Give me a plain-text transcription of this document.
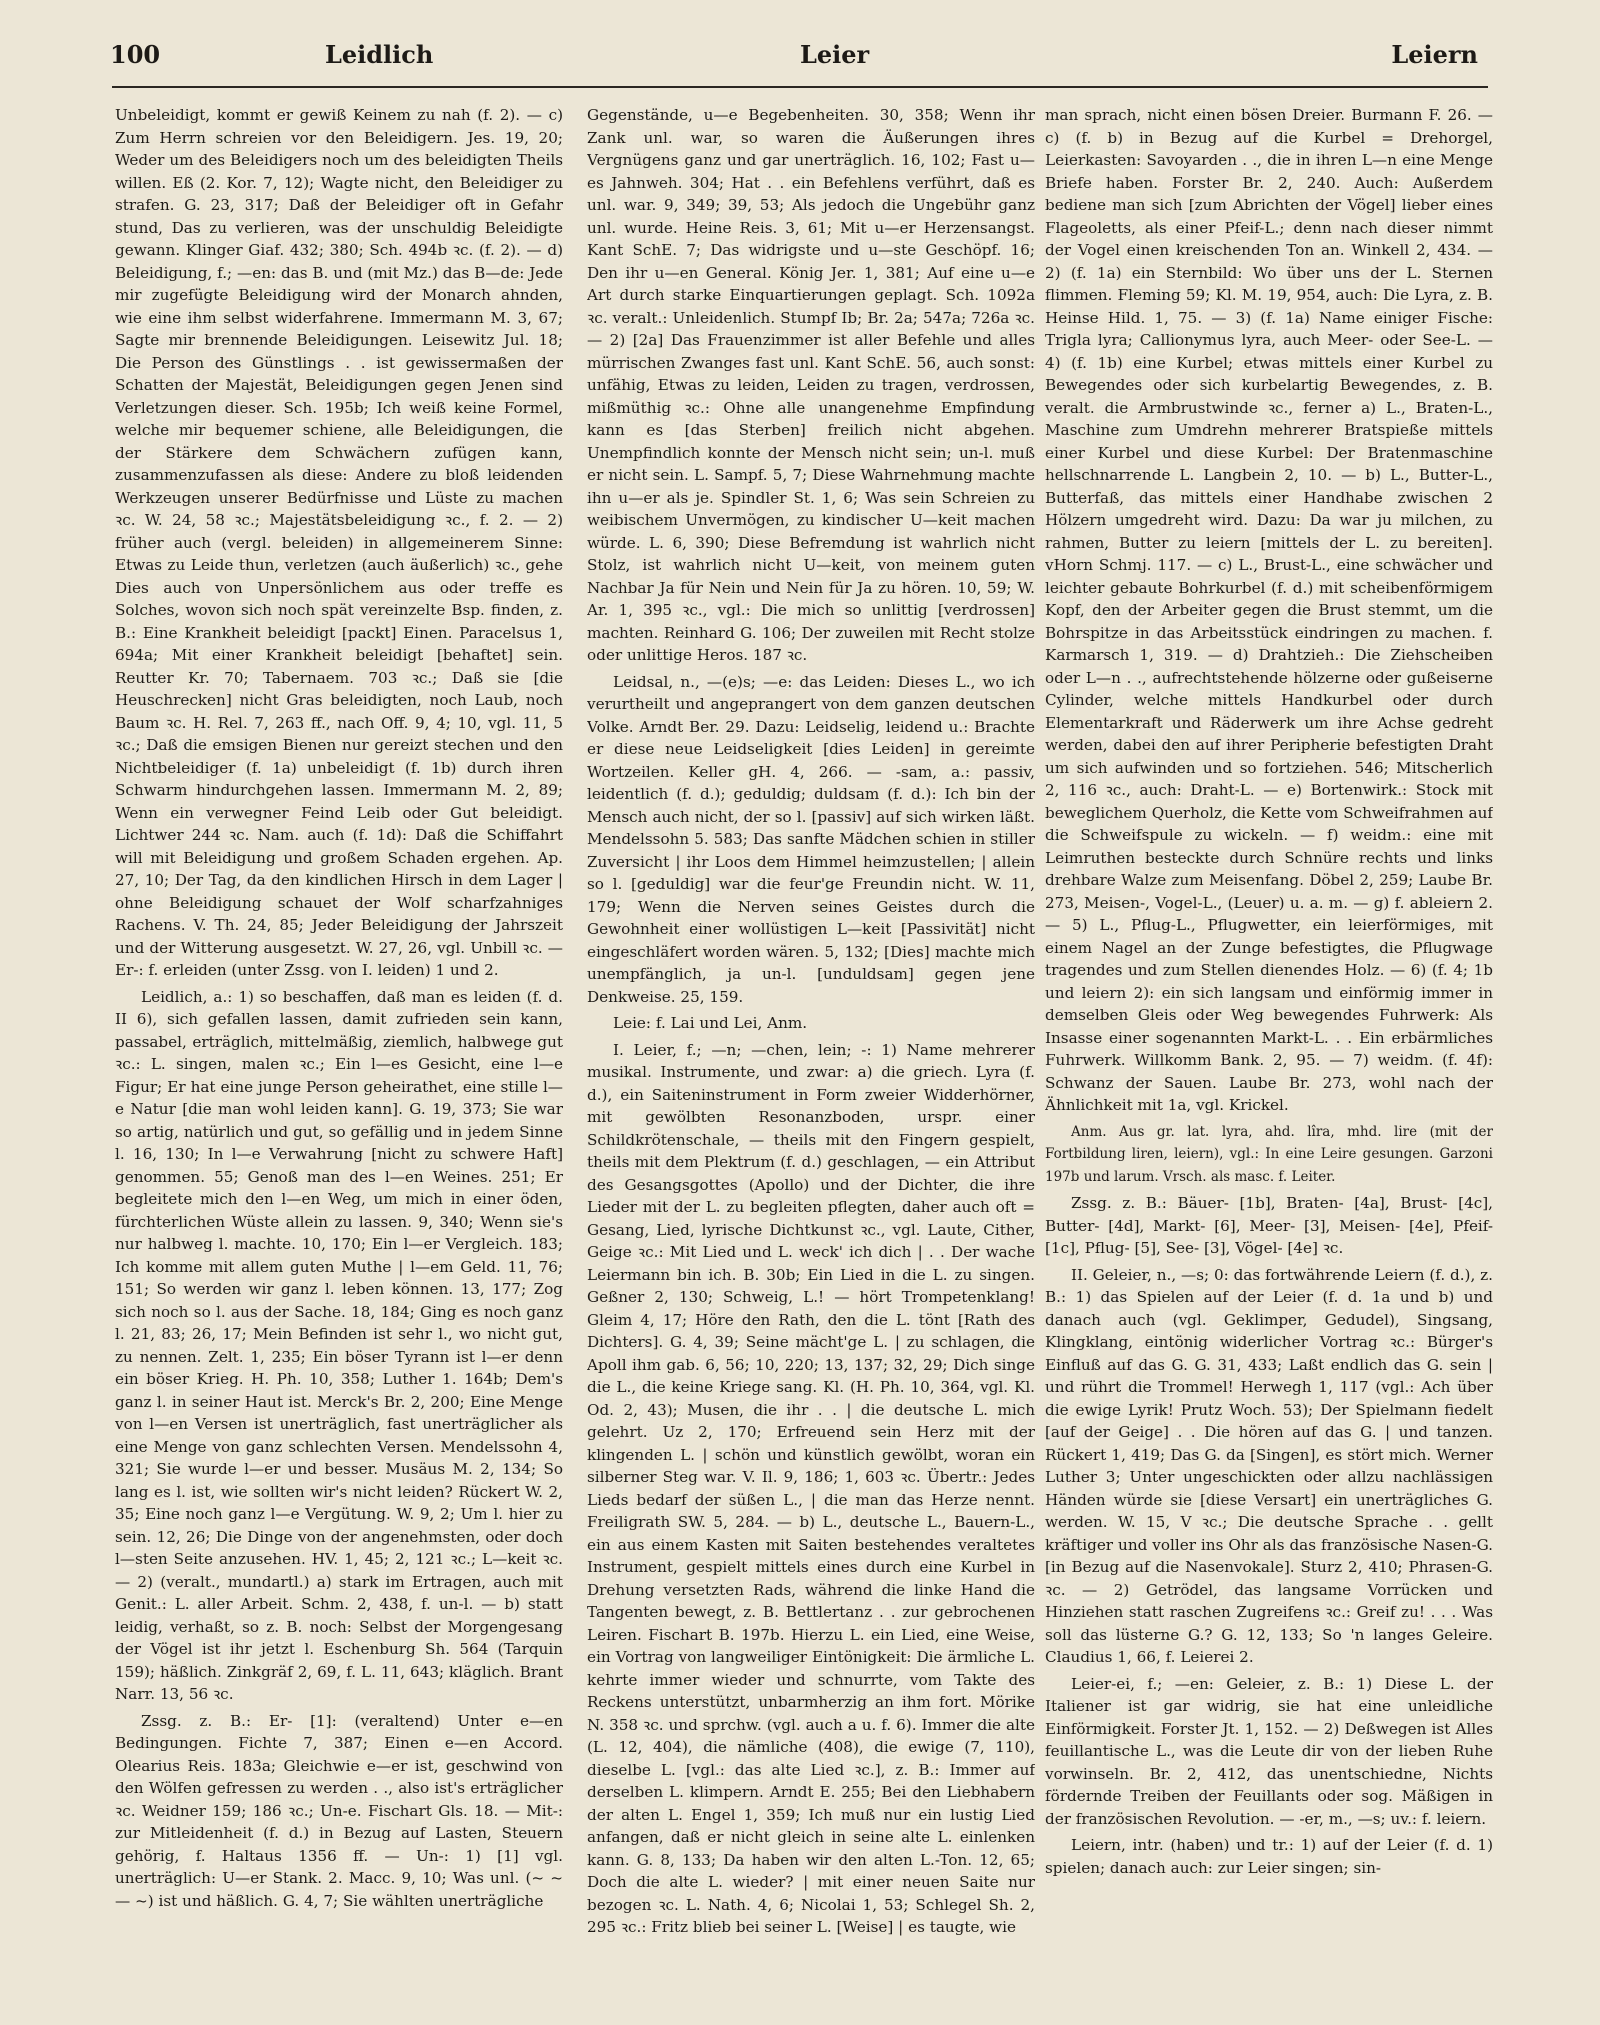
100	Leidlich	Leier	Leiern

Unbeleidigt, kommt er gewiß Keinem zu nah (f. 2). — c) Zum Herrn schreien vor den Beleidigern. Jes. 19, 20; Weder um des Beleidigers noch um des beleidigten Theils willen. Eß (2. Kor. 7, 12); Wagte nicht, den Beleidiger zu strafen. G. 23, 317; Daß der Beleidiger oft in Gefahr stund, Das zu verlieren, was der unschuldig Beleidigte gewann. Klinger Giaf. 432; 380; Sch. 494b ꝛc. (f. 2). — d) Beleidigung, f.; —en: das B. und (mit Mz.) das B—de: Jede mir zugefügte Beleidigung wird der Monarch ahnden, wie eine ihm selbst widerfahrene. Immermann M. 3, 67; Sagte mir brennende Beleidigungen. Leisewitz Jul. 18; Die Person des Günstlings . . ist gewissermaßen der Schatten der Majestät, Beleidigungen gegen Jenen sind Verletzungen dieser. Sch. 195b; Ich weiß keine Formel, welche mir bequemer schiene, alle Beleidigungen, die der Stärkere dem Schwächern zufügen kann, zusammenzufassen als diese: Andere zu bloß leidenden Werkzeugen unserer Bedürfnisse und Lüste zu machen ꝛc. W. 24, 58 ꝛc.; Majestätsbeleidigung ꝛc., f. 2. — 2) früher auch (vergl. beleiden) in allgemeinerem Sinne: Etwas zu Leide thun, verletzen (auch äußerlich) ꝛc., gehe Dies auch von Unpersönlichem aus oder treffe es Solches, wovon sich noch spät vereinzelte Bsp. finden, z. B.: Eine Krankheit beleidigt [packt] Einen. Paracelsus 1, 694a; Mit einer Krankheit beleidigt [behaftet] sein. Reutter Kr. 70; Tabernaem. 703 ꝛc.; Daß sie [die Heuschrecken] nicht Gras beleidigten, noch Laub, noch Baum ꝛc. H. Rel. 7, 263 ff., nach Off. 9, 4; 10, vgl. 11, 5 ꝛc.; Daß die emsigen Bienen nur gereizt stechen und den Nichtbeleidiger (f. 1a) unbeleidigt (f. 1b) durch ihren Schwarm hindurchgehen lassen. Immermann M. 2, 89; Wenn ein verwegner Feind Leib oder Gut beleidigt. Lichtwer 244 ꝛc. Nam. auch (f. 1d): Daß die Schiffahrt will mit Beleidigung und großem Schaden ergehen. Ap. 27, 10; Der Tag, da den kindlichen Hirsch in dem Lager | ohne Beleidigung schauet der Wolf scharfzahniges Rachens. V. Th. 24, 85; Jeder Beleidigung der Jahrszeit und der Witterung ausgesetzt. W. 27, 26, vgl. Unbill ꝛc. — Er-: f. erleiden (unter Zssg. von I. leiden) 1 und 2.

Leidlich, a.: 1) so beschaffen, daß man es leiden (f. d. II 6), sich gefallen lassen, damit zufrieden sein kann, passabel, erträglich, mittelmäßig, ziemlich, halbwege gut ꝛc.: L. singen, malen ꝛc.; Ein l—es Gesicht, eine l—e Figur; Er hat eine junge Person geheirathet, eine stille l—e Natur [die man wohl leiden kann]. G. 19, 373; Sie war so artig, natürlich und gut, so gefällig und in jedem Sinne l. 16, 130; In l—e Verwahrung [nicht zu schwere Haft] genommen. 55; Genoß man des l—en Weines. 251; Er begleitete mich den l—en Weg, um mich in einer öden, fürchterlichen Wüste allein zu lassen. 9, 340; Wenn sie's nur halbweg l. machte. 10, 170; Ein l—er Vergleich. 183; Ich komme mit allem guten Muthe | l—em Geld. 11, 76; 151; So werden wir ganz l. leben können. 13, 177; Zog sich noch so l. aus der Sache. 18, 184; Ging es noch ganz l. 21, 83; 26, 17; Mein Befinden ist sehr l., wo nicht gut, zu nennen. Zelt. 1, 235; Ein böser Tyrann ist l—er denn ein böser Krieg. H. Ph. 10, 358; Luther 1. 164b; Dem's ganz l. in seiner Haut ist. Merck's Br. 2, 200; Eine Menge von l—en Versen ist unerträglich, fast unerträglicher als eine Menge von ganz schlechten Versen. Mendelssohn 4, 321; Sie wurde l—er und besser. Musäus M. 2, 134; So lang es l. ist, wie sollten wir's nicht leiden? Rückert W. 2, 35; Eine noch ganz l—e Vergütung. W. 9, 2; Um l. hier zu sein. 12, 26; Die Dinge von der angenehmsten, oder doch l—sten Seite anzusehen. HV. 1, 45; 2, 121 ꝛc.; L—keit ꝛc. — 2) (veralt., mundartl.) a) stark im Ertragen, auch mit Genit.: L. aller Arbeit. Schm. 2, 438, f. un-l. — b) statt leidig, verhaßt, so z. B. noch: Selbst der Morgengesang der Vögel ist ihr jetzt l. Eschenburg Sh. 564 (Tarquin 159); häßlich. Zinkgräf 2, 69, f. L. 11, 643; kläglich. Brant Narr. 13, 56 ꝛc.

Zssg. z. B.: Er- [1]: (veraltend) Unter e—en Bedingungen. Fichte 7, 387; Einen e—en Accord. Olearius Reis. 183a; Gleichwie e—er ist, geschwind von den Wölfen gefressen zu werden . ., also ist's erträglicher ꝛc. Weidner 159; 186 ꝛc.; Un-e. Fischart Gls. 18. — Mit-: zur Mitleidenheit (f. d.) in Bezug auf Lasten, Steuern gehörig, f. Haltaus 1356 ff. — Un-: 1) [1] vgl. unerträglich: U—er Stank. 2. Macc. 9, 10; Was unl. (~ ~ — ~) ist und häßlich. G. 4, 7; Sie wählten unerträgliche

Gegenstände, u—e Begebenheiten. 30, 358; Wenn ihr Zank unl. war, so waren die Äußerungen ihres Vergnügens ganz und gar unerträglich. 16, 102; Fast u—es Jahnweh. 304; Hat . . ein Befehlens verführt, daß es unl. war. 9, 349; 39, 53; Als jedoch die Ungebühr ganz unl. wurde. Heine Reis. 3, 61; Mit u—er Herzensangst. Kant SchE. 7; Das widrigste und u—ste Geschöpf. 16; Den ihr u—en General. König Jer. 1, 381; Auf eine u—e Art durch starke Einquartierungen geplagt. Sch. 1092a ꝛc. veralt.: Unleidenlich. Stumpf Ib; Br. 2a; 547a; 726a ꝛc. — 2) [2a] Das Frauenzimmer ist aller Befehle und alles mürrischen Zwanges fast unl. Kant SchE. 56, auch sonst: unfähig, Etwas zu leiden, Leiden zu tragen, verdrossen, mißmüthig ꝛc.: Ohne alle unangenehme Empfindung kann es [das Sterben] freilich nicht abgehen. Unempfindlich konnte der Mensch nicht sein; un-l. muß er nicht sein. L. Sampf. 5, 7; Diese Wahrnehmung machte ihn u—er als je. Spindler St. 1, 6; Was sein Schreien zu weibischem Unvermögen, zu kindischer U—keit machen würde. L. 6, 390; Diese Befremdung ist wahrlich nicht Stolz, ist wahrlich nicht U—keit, von meinem guten Nachbar Ja für Nein und Nein für Ja zu hören. 10, 59; W. Ar. 1, 395 ꝛc., vgl.: Die mich so unlittig [verdrossen] machten. Reinhard G. 106; Der zuweilen mit Recht stolze oder unlittige Heros. 187 ꝛc.

Leidsal, n., —(e)s; —e: das Leiden: Dieses L., wo ich verurtheilt und angeprangert von dem ganzen deutschen Volke. Arndt Ber. 29. Dazu: Leidselig, leidend u.: Brachte er diese neue Leidseligkeit [dies Leiden] in gereimte Wortzeilen. Keller gH. 4, 266. — -sam, a.: passiv, leidentlich (f. d.); geduldig; duldsam (f. d.): Ich bin der Mensch auch nicht, der so l. [passiv] auf sich wirken läßt. Mendelssohn 5. 583; Das sanfte Mädchen schien in stiller Zuversicht | ihr Loos dem Himmel heimzustellen; | allein so l. [geduldig] war die feur'ge Freundin nicht. W. 11, 179; Wenn die Nerven seines Geistes durch die Gewohnheit einer wollüstigen L—keit [Passivität] nicht eingeschläfert worden wären. 5, 132; [Dies] machte mich unempfänglich, ja un-l. [unduldsam] gegen jene Denkweise. 25, 159.

Leie: f. Lai und Lei, Anm.

I. Leier, f.; —n; —chen, lein; -: 1) Name mehrerer musikal. Instrumente, und zwar: a) die griech. Lyra (f. d.), ein Saiteninstrument in Form zweier Widderhörner, mit gewölbten Resonanzboden, urspr. einer Schildkrötenschale, — theils mit den Fingern gespielt, theils mit dem Plektrum (f. d.) geschlagen, — ein Attribut des Gesangsgottes (Apollo) und der Dichter, die ihre Lieder mit der L. zu begleiten pflegten, daher auch oft = Gesang, Lied, lyrische Dichtkunst ꝛc., vgl. Laute, Cither, Geige ꝛc.: Mit Lied und L. weck' ich dich | . . Der wache Leiermann bin ich. B. 30b; Ein Lied in die L. zu singen. Geßner 2, 130; Schweig, L.! — hört Trompetenklang! Gleim 4, 17; Höre den Rath, den die L. tönt [Rath des Dichters]. G. 4, 39; Seine mächt'ge L. | zu schlagen, die Apoll ihm gab. 6, 56; 10, 220; 13, 137; 32, 29; Dich singe die L., die keine Kriege sang. Kl. (H. Ph. 10, 364, vgl. Kl. Od. 2, 43); Musen, die ihr . . | die deutsche L. mich gelehrt. Uz 2, 170; Erfreuend sein Herz mit der klingenden L. | schön und künstlich gewölbt, woran ein silberner Steg war. V. Il. 9, 186; 1, 603 ꝛc. Übertr.: Jedes Lieds bedarf der süßen L., | die man das Herze nennt. Freiligrath SW. 5, 284. — b) L., deutsche L., Bauern-L., ein aus einem Kasten mit Saiten bestehendes veraltetes Instrument, gespielt mittels eines durch eine Kurbel in Drehung versetzten Rads, während die linke Hand die Tangenten bewegt, z. B. Bettlertanz . . zur gebrochenen Leiren. Fischart B. 197b. Hierzu L. ein Lied, eine Weise, ein Vortrag von langweiliger Eintönigkeit: Die ärmliche L. kehrte immer wieder und schnurrte, vom Takte des Reckens unterstützt, unbarmherzig an ihm fort. Mörike N. 358 ꝛc. und sprchw. (vgl. auch a u. f. 6). Immer die alte (L. 12, 404), die nämliche (408), die ewige (7, 110), dieselbe L. [vgl.: das alte Lied ꝛc.], z. B.: Immer auf derselben L. klimpern. Arndt E. 255; Bei den Liebhabern der alten L. Engel 1, 359; Ich muß nur ein lustig Lied anfangen, daß er nicht gleich in seine alte L. einlenken kann. G. 8, 133; Da haben wir den alten L.-Ton. 12, 65; Doch die alte L. wieder? | mit einer neuen Saite nur bezogen ꝛc. L. Nath. 4, 6; Nicolai 1, 53; Schlegel Sh. 2, 295 ꝛc.: Fritz blieb bei seiner L. [Weise] | es taugte, wie

man sprach, nicht einen bösen Dreier. Burmann F. 26. — c) (f. b) in Bezug auf die Kurbel = Drehorgel, Leierkasten: Savoyarden . ., die in ihren L—n eine Menge Briefe haben. Forster Br. 2, 240. Auch: Außerdem bediene man sich [zum Abrichten der Vögel] lieber eines Flageoletts, als einer Pfeif-L.; denn nach dieser nimmt der Vogel einen kreischenden Ton an. Winkell 2, 434. — 2) (f. 1a) ein Sternbild: Wo über uns der L. Sternen flimmen. Fleming 59; Kl. M. 19, 954, auch: Die Lyra, z. B. Heinse Hild. 1, 75. — 3) (f. 1a) Name einiger Fische: Trigla lyra; Callionymus lyra, auch Meer- oder See-L. — 4) (f. 1b) eine Kurbel; etwas mittels einer Kurbel zu Bewegendes oder sich kurbelartig Bewegendes, z. B. veralt. die Armbrustwinde ꝛc., ferner a) L., Braten-L., Maschine zum Umdrehn mehrerer Bratspieße mittels einer Kurbel und diese Kurbel: Der Bratenmaschine hellschnarrende L. Langbein 2, 10. — b) L., Butter-L., Butterfaß, das mittels einer Handhabe zwischen 2 Hölzern umgedreht wird. Dazu: Da war ju milchen, zu rahmen, Butter zu leiern [mittels der L. zu bereiten]. vHorn Schmj. 117. — c) L., Brust-L., eine schwächer und leichter gebaute Bohrkurbel (f. d.) mit scheibenförmigem Kopf, den der Arbeiter gegen die Brust stemmt, um die Bohrspitze in das Arbeitsstück eindringen zu machen. f. Karmarsch 1, 319. — d) Drahtzieh.: Die Ziehscheiben oder L—n . ., aufrechtstehende hölzerne oder gußeiserne Cylinder, welche mittels Handkurbel oder durch Elementarkraft und Räderwerk um ihre Achse gedreht werden, dabei den auf ihrer Peripherie befestigten Draht um sich aufwinden und so fortziehen. 546; Mitscherlich 2, 116 ꝛc., auch: Draht-L. — e) Bortenwirk.: Stock mit beweglichem Querholz, die Kette vom Schweifrahmen auf die Schweifspule zu wickeln. — f) weidm.: eine mit Leimruthen besteckte durch Schnüre rechts und links drehbare Walze zum Meisenfang. Döbel 2, 259; Laube Br. 273, Meisen-, Vogel-L., (Leuer) u. a. m. — g) f. ableiern 2. — 5) L., Pflug-L., Pflugwetter, ein leierförmiges, mit einem Nagel an der Zunge befestigtes, die Pflugwage tragendes und zum Stellen dienendes Holz. — 6) (f. 4; 1b und leiern 2): ein sich langsam und einförmig immer in demselben Gleis oder Weg bewegendes Fuhrwerk: Als Insasse einer sogenannten Markt-L. . . Ein erbärmliches Fuhrwerk. Willkomm Bank. 2, 95. — 7) weidm. (f. 4f): Schwanz der Sauen. Laube Br. 273, wohl nach der Ähnlichkeit mit 1a, vgl. Krickel.

Anm. Aus gr. lat. lyra, ahd. lîra, mhd. lire (mit der Fortbildung liren, leiern), vgl.: In eine Leire gesungen. Garzoni 197b und larum. Vrsch. als masc. f. Leiter.

Zssg. z. B.: Bäuer- [1b], Braten- [4a], Brust- [4c], Butter- [4d], Markt- [6], Meer- [3], Meisen- [4e], Pfeif- [1c], Pflug- [5], See- [3], Vögel- [4e] ꝛc.

II. Geleier, n., —s; 0: das fortwährende Leiern (f. d.), z. B.: 1) das Spielen auf der Leier (f. d. 1a und b) und danach auch (vgl. Geklimper, Gedudel), Singsang, Klingklang, eintönig widerlicher Vortrag ꝛc.: Bürger's Einfluß auf das G. G. 31, 433; Laßt endlich das G. sein | und rührt die Trommel! Herwegh 1, 117 (vgl.: Ach über die ewige Lyrik! Prutz Woch. 53); Der Spielmann fiedelt [auf der Geige] . . Die hören auf das G. | und tanzen. Rückert 1, 419; Das G. da [Singen], es stört mich. Werner Luther 3; Unter ungeschickten oder allzu nachlässigen Händen würde sie [diese Versart] ein unerträgliches G. werden. W. 15, V ꝛc.; Die deutsche Sprache . . gellt kräftiger und voller ins Ohr als das französische Nasen-G. [in Bezug auf die Nasenvokale]. Sturz 2, 410; Phrasen-G. ꝛc. — 2) Getrödel, das langsame Vorrücken und Hinziehen statt raschen Zugreifens ꝛc.: Greif zu! . . . Was soll das lüsterne G.? G. 12, 133; So 'n langes Geleire. Claudius 1, 66, f. Leierei 2.

Leier-ei, f.; —en: Geleier, z. B.: 1) Diese L. der Italiener ist gar widrig, sie hat eine unleidliche Einförmigkeit. Forster Jt. 1, 152. — 2) Deßwegen ist Alles feuillantische L., was die Leute dir von der lieben Ruhe vorwinseln. Br. 2, 412, das unentschiedne, Nichts fördernde Treiben der Feuillants oder sog. Mäßigen in der französischen Revolution. — -er, m., —s; uv.: f. leiern.

Leiern, intr. (haben) und tr.: 1) auf der Leier (f. d. 1) spielen; danach auch: zur Leier singen; sin-
